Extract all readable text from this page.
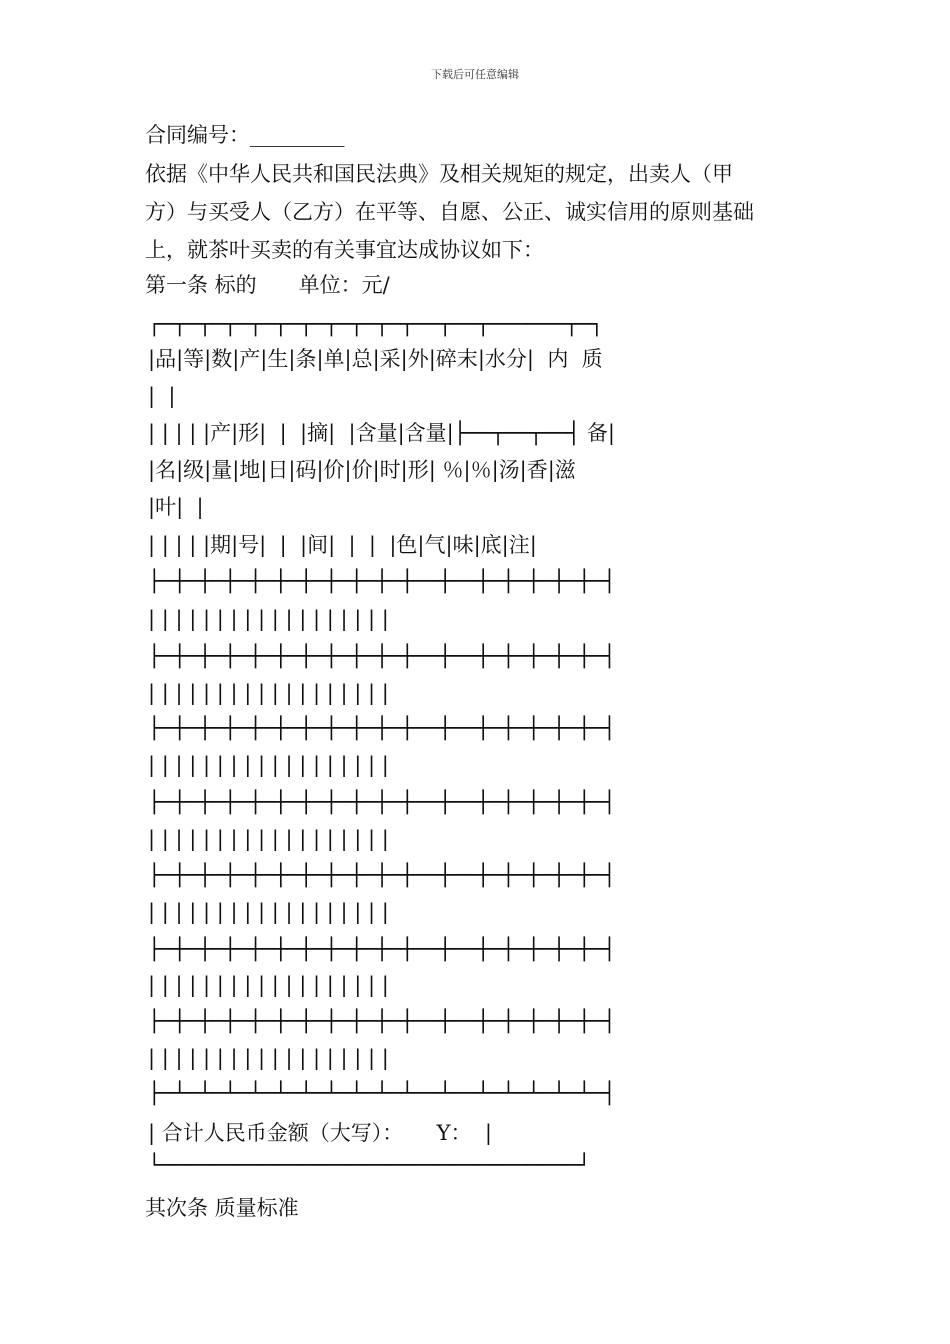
下载后可任意编辑
合同编号：_________
依据《中华人民共和国民法典》及相关规矩的规定，出卖人（甲
方）与买受人（乙方）在平等、自愿、公正、诚实信用的原则基础
上，就茶叶买卖的有关事宜达成协议如下：
第一条 标的　　单位：元/
┌─┬─┬─┬─┬─┬─┬─┬─┬─┬─┬──┬──┬──────┬─┐
|品|等|数|产|生|条|单|总|采|外|碎末|水分|  内  质
|  |
| | | | |产|形|  |  |摘|  |含量|含量|├──┬──┬──┤ 备|
|名|级|量|地|日|码|价|价|时|形| ％|％|汤|香|滋
|叶|  |
| | | | |期|号|  |  |间|  |  |  |色|气|味|底|注|
├─┼─┼─┼─┼─┼─┼─┼─┼─┼─┼──┼──┼─┼─┼─┼─┼─┤
| | | | | | | | | | | | | | | | | |
├─┼─┼─┼─┼─┼─┼─┼─┼─┼─┼──┼──┼─┼─┼─┼─┼─┤
| | | | | | | | | | | | | | | | | |
├─┼─┼─┼─┼─┼─┼─┼─┼─┼─┼──┼──┼─┼─┼─┼─┼─┤
| | | | | | | | | | | | | | | | | |
├─┼─┼─┼─┼─┼─┼─┼─┼─┼─┼──┼──┼─┼─┼─┼─┼─┤
| | | | | | | | | | | | | | | | | |
├─┼─┼─┼─┼─┼─┼─┼─┼─┼─┼──┼──┼─┼─┼─┼─┼─┤
| | | | | | | | | | | | | | | | | |
├─┼─┼─┼─┼─┼─┼─┼─┼─┼─┼──┼──┼─┼─┼─┼─┼─┤
| | | | | | | | | | | | | | | | | |
├─┼─┼─┼─┼─┼─┼─┼─┼─┼─┼──┼──┼─┼─┼─┼─┼─┤
| | | | | | | | | | | | | | | | | |
├─┴─┴─┴─┴─┴─┴─┴─┴─┴─┴──┴──┴─┴─┴─┴─┴─┤
| 合计人民币金额（大写）：     Y：  |
└─────────────────────────────────┘
其次条 质量标准
